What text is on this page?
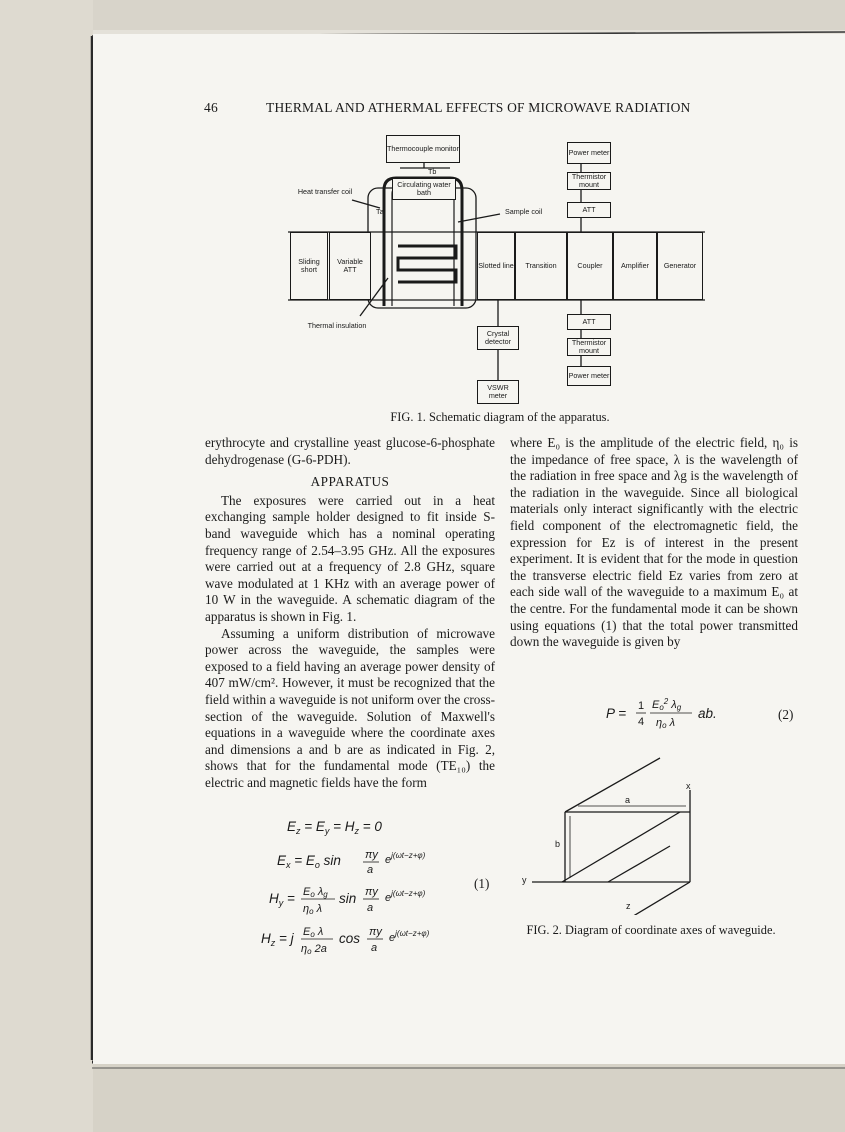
46	THERMAL AND ATHERMAL EFFECTS OF MICROWAVE RADIATION
Thermocouple monitor
Tb
Ta
Circulating water bath
Heat transfer coil
Sample coil
Sliding short
Variable ATT	Slotted line Transition	Coupler	Amplifier Generator
Power meter
Thermistor mount
ATT
ATT
Thermistor mount
Power meter
Thermal insulation
Crystal detector
VSWR meter
FIG. 1. Schematic diagram of the apparatus.

erythrocyte and crystalline yeast glucose-6-phosphate dehydrogenase (G-6-PDH).

APPARATUS

The exposures were carried out in a heat exchanging sample holder designed to fit inside S-band waveguide which has a nominal operating frequency range of 2.54–3.95 GHz. All the exposures were carried out at a frequency of 2.8 GHz, square wave modulated at 1 KHz with an average power of 10 W in the waveguide. A schematic diagram of the apparatus is shown in Fig. 1.

Assuming a uniform distribution of microwave power across the waveguide, the samples were exposed to a field having an average power density of 407 mW/cm². However, it must be recognized that the field within a waveguide is not uniform over the cross-section of the waveguide. Solution of Maxwell's equations in a waveguide where the coordinate axes and dimensions a and b are as indicated in Fig. 2, shows that for the fundamental mode (TE₁₀) the electric and magnetic fields have the form

$E_z = E_y = H_z = 0$
$E_x = E_o$ sin πy
a
$e^{j(\omega t-z+\varphi)}$
$H_y = Eo$ λg
ηo λ
sin πy
a
$e^{j(\omega t-z+\varphi)}$
$H_z = j$ Eo λ
ηo 2a
cos πy
a
$e^{j(\omega t-z+\varphi)}$
(1)

where E₀ is the amplitude of the electric field, η₀ is the impedance of free space, λ is the wavelength of the radiation in free space and λg is the wavelength of the radiation in the waveguide. Since all biological materials only interact significantly with the electric field component of the electromagnetic field, the expression for Ez is of interest in the present experiment. It is evident that for the mode in question the transverse electric field Ez varies from zero at each side wall of the waveguide to a maximum E₀ at the centre. For the fundamental mode it can be shown using equations (1) that the total power transmitted down the waveguide is given by

P = 1
4
Eo$^2$ λg
ηo λ
ab.	(2)
x
y
z
a
b
FIG. 2. Diagram of coordinate axes of waveguide.
